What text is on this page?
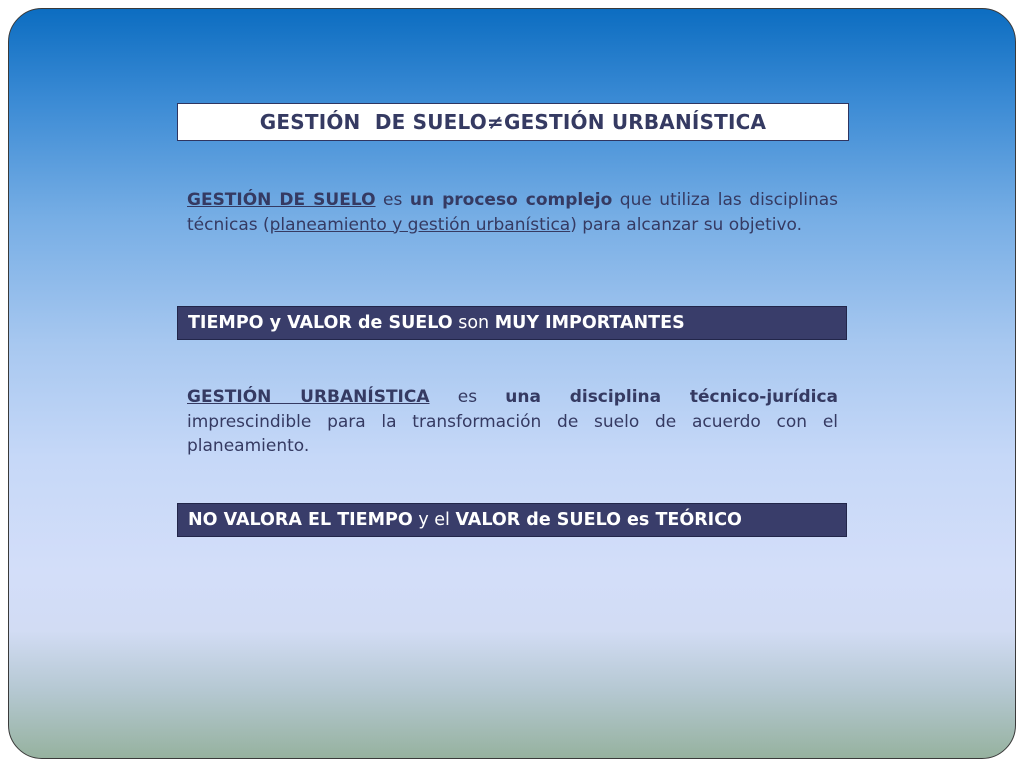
GESTIÓN  DE SUELO ≠ GESTIÓN URBANÍSTICA
GESTIÓN DE SUELO es un proceso complejo que utiliza las disciplinas técnicas (planeamiento y gestión urbanística) para alcanzar su objetivo.
TIEMPO y VALOR de SUELO son MUY IMPORTANTES
GESTIÓN URBANÍSTICA es una disciplina técnico-jurídica imprescindible para la transformación de suelo de acuerdo con el planeamiento.
NO VALORA EL TIEMPO y el VALOR de SUELO es TEÓRICO
